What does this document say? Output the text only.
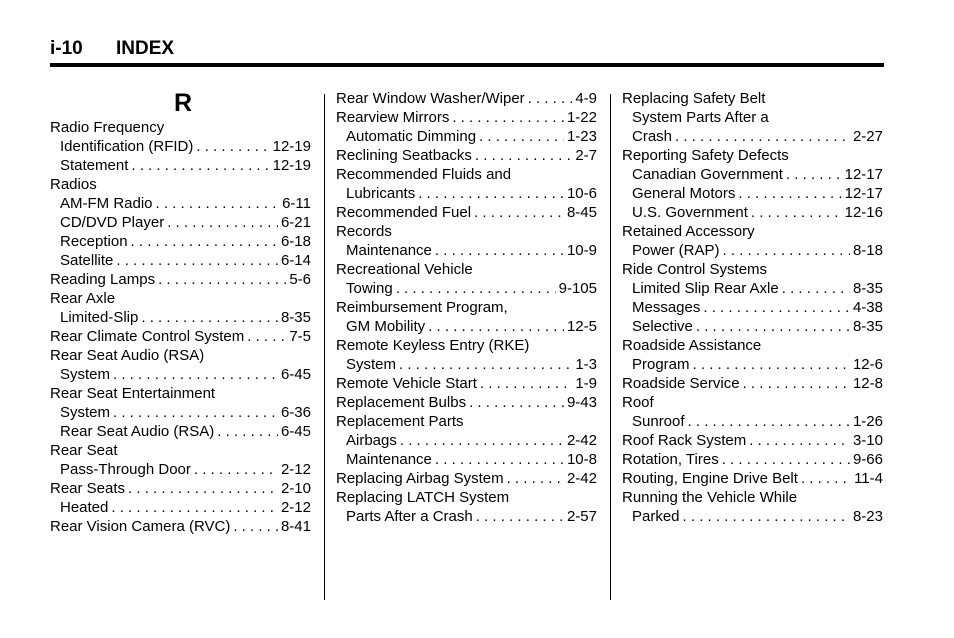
i-10 INDEX
R
Radio Frequency
Identification (RFID) . . .	12-19
Statement . . .	12-19
Radios
AM-FM Radio . . .	6-11
CD/DVD Player . . .	6-21
Reception . . .	6-18
Satellite . . .	6-14
Reading Lamps . . .	5-6
Rear Axle
Limited-Slip . . .	8-35
Rear Climate Control System . . .	7-5
Rear Seat Audio (RSA)
System . . .	6-45
Rear Seat Entertainment
System . . .	6-36
Rear Seat Audio (RSA) . . .	6-45
Rear Seat
Pass-Through Door . . .	2-12
Rear Seats . . .	2-10
Heated . . .	2-12
Rear Vision Camera (RVC) . . .	8-41
Rear Window Washer/Wiper . . .	4-9
Rearview Mirrors . . .	1-22
Automatic Dimming . . .	1-23
Reclining Seatbacks . . .	2-7
Recommended Fluids and
Lubricants . . .	10-6
Recommended Fuel . . .	8-45
Records
Maintenance . . .	10-9
Recreational Vehicle
Towing . . .	9-105
Reimbursement Program,
GM Mobility . . .	12-5
Remote Keyless Entry (RKE)
System . . .	1-3
Remote Vehicle Start . . .	1-9
Replacement Bulbs . . .	9-43
Replacement Parts
Airbags . . .	2-42
Maintenance . . .	10-8
Replacing Airbag System . . .	2-42
Replacing LATCH System
Parts After a Crash . . .	2-57
Replacing Safety Belt
System Parts After a
Crash . . .	2-27
Reporting Safety Defects
Canadian Government . . .	12-17
General Motors . . .	12-17
U.S. Government . . .	12-16
Retained Accessory
Power (RAP) . . .	8-18
Ride Control Systems
Limited Slip Rear Axle . . .	8-35
Messages . . .	4-38
Selective . . .	8-35
Roadside Assistance
Program . . .	12-6
Roadside Service . . .	12-8
Roof
Sunroof . . .	1-26
Roof Rack System . . .	3-10
Rotation, Tires . . .	9-66
Routing, Engine Drive Belt . . .	11-4
Running the Vehicle While
Parked . . .	8-23
